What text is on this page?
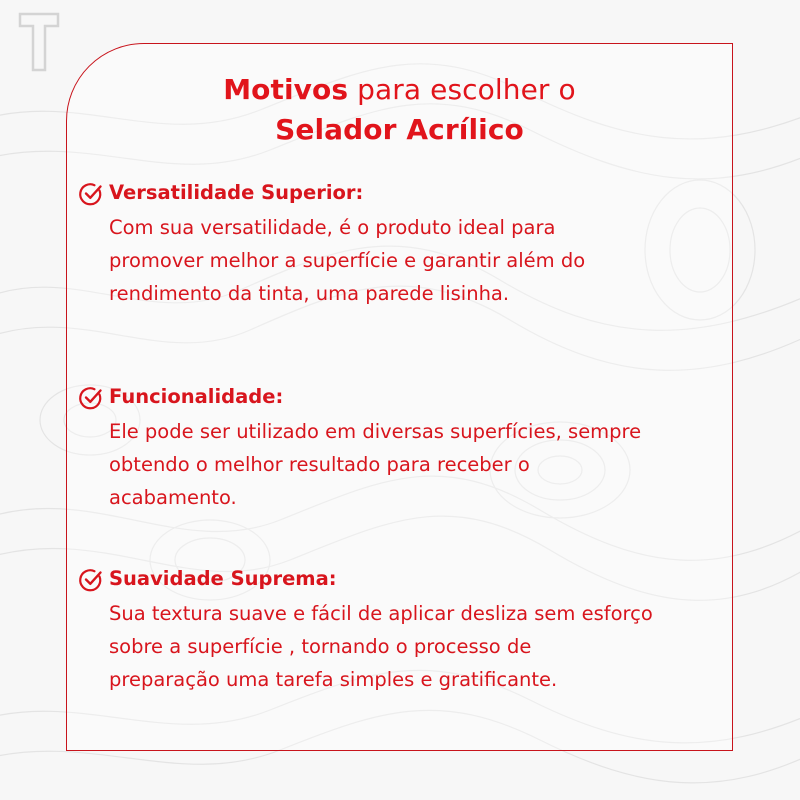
Motivos para escolher o
Selador Acrílico
Versatilidade Superior:
Com sua versatilidade, é o produto ideal para
promover melhor a superfície e garantir além do
rendimento da tinta, uma parede lisinha.
Funcionalidade:
Ele pode ser utilizado em diversas superfícies, sempre
obtendo o melhor resultado para receber o
acabamento.
Suavidade Suprema:
Sua textura suave e fácil de aplicar desliza sem esforço
sobre a superfície , tornando o processo de
preparação uma tarefa simples e gratificante.
